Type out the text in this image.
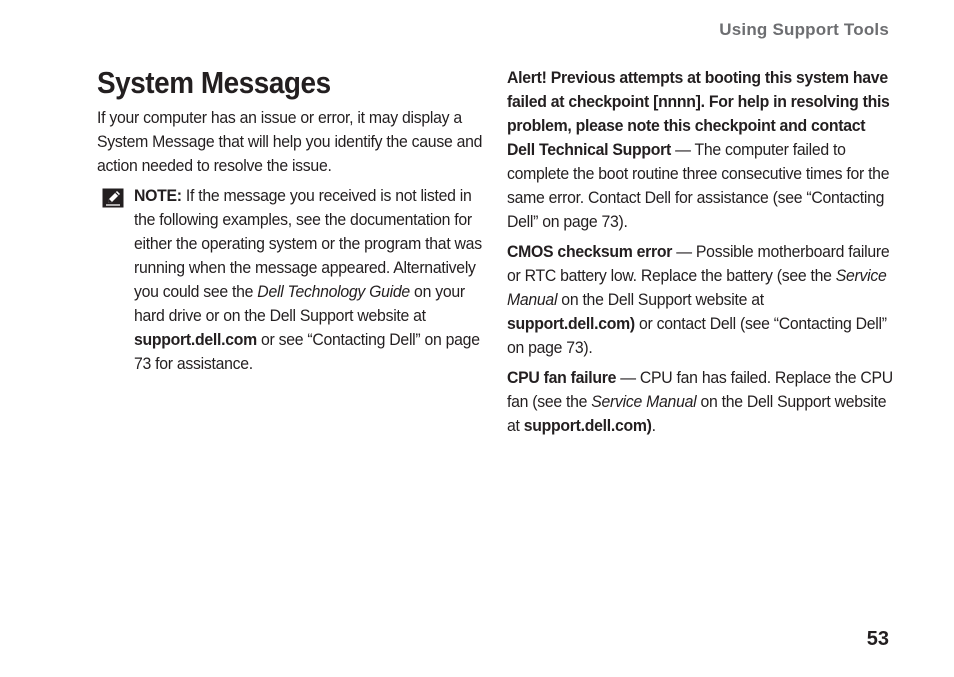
Using Support Tools
System Messages

If your computer has an issue or error, it may display a System Message that will help you identify the cause and action needed to resolve the issue.

NOTE: If the message you received is not listed in the following examples, see the documentation for either the operating system or the program that was running when the message appeared. Alternatively you could see the Dell Technology Guide on your hard drive or on the Dell Support website at support.dell.com or see “Contacting Dell” on page 73 for assistance.

Alert! Previous attempts at booting this system have failed at checkpoint [nnnn]. For help in resolving this problem, please note this checkpoint and contact Dell Technical Support — The computer failed to complete the boot routine three consecutive times for the same error. Contact Dell for assistance (see “Contacting Dell” on page 73).

CMOS checksum error — Possible motherboard failure or RTC battery low. Replace the battery (see the Service Manual on the Dell Support website at support.dell.com) or contact Dell (see “Contacting Dell” on page 73).

CPU fan failure — CPU fan has failed. Replace the CPU fan (see the Service Manual on the Dell Support website at support.dell.com).

53
